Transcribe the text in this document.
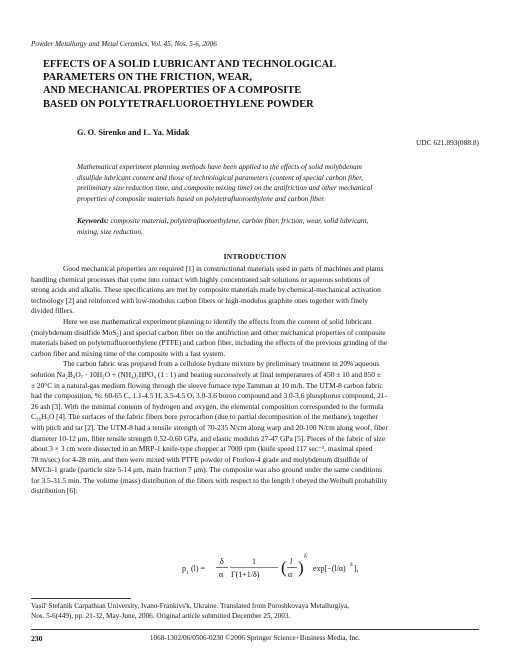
Powder Metallurgy and Metal Ceramics, Vol. 45, Nos. 5-6, 2006
EFFECTS OF A SOLID LUBRICANT AND TECHNOLOGICAL
PARAMETERS ON THE FRICTION, WEAR,
AND MECHANICAL PROPERTIES OF A COMPOSITE
BASED ON POLYTETRAFLUOROETHYLENE POWDER
G. O. Sirenko and L. Ya. Midak
UDC 621.893(088.8)
Mathematical experiment planning methods have been applied to the effects of solid molybdenum
disulfide lubricant content and those of technological parameters (content of special carbon fiber,
preliminary size reduction time, and composite mixing time) on the antifriction and other mechanical
properties of composite materials based on polytetrafluoroethylene and carbon fiber.
Keywords: composite material, polytetrafluoroethylene, carbon fiber, friction, wear, solid lubricant,
mixing, size reduction.
INTRODUCTION
Good mechanical properties are required [1] in constructional materials used in parts of machines and plants
handling chemical processes that come into contact with highly concentrated salt solutions or aqueous solutions of
strong acids and alkalis. These specifications are met by composite materials made by chemical-mechanical activation
technology [2] and reinforced with low-modulus carbon fibers or high-modulus graphite ones together with finely
divided fillers.
Here we use mathematical experiment planning to identify the effects from the content of solid lubricant
(molybdenum disulfide MoS₂) and special carbon fiber on the antifriction and other mechanical properties of composite
materials based on polytetrafluoroethylene (PTFE) and carbon fiber, including the effects of the previous grinding of the
carbon fiber and mixing time of the composite with a fast system.
The carbon fabric was prepared from a cellulose hydrate mixture by preliminary treatment in 20% aqueous
solution Na₂B₄O₇ · 10H₂O + (NH₄)₂HPO₄ (1 : 1) and heating successively at final temperatures of 450 ± 10 and 850 ±
± 20°C in a natural-gas medium flowing through the sleeve furnace type Tamman at 10 m/h. The UTM-8 carbon fabric
had the composition, %: 60-65 C, 1.1-4.5 H, 3.5-4.5 O, 3.0-3.6 boron compound and 3.0-3.6 phosphorus compound, 21-
26 ash [3]. With the minimal contents of hydrogen and oxygen, the elemental composition corresponded to the formula
C₃₆H₃O [4]. The surfaces of the fabric fibers bore pyrocarbon (due to partial decomposition of the methane), together
with pitch and tar [2]. The UTM-8 had a tensile strength of 70-235 N/cm along warp and 20-100 N/cm along woof, fiber
diameter 10-12 μm, fiber tensile strength 0.52-0.60 GPa, and elastic modulus 27-47 GPa [5]. Pieces of the fabric of size
about 3 × 3 cm were dissected in an MRP-1 knife-type chopper at 7000 rpm (knife speed 117 sec⁻¹, maximal speed
78 m/sec) for 4-28 min, and then were mixed with PTFE powder of Ftorlon-4 grade and molybdenum disulfide of
MVCh-1 grade (particle size 5-14 μm, main fraction 7 μm). The composite was also ground under the same conditions
for 3.5-31.5 min. The volume (mass) distribution of the fibers with respect to the length l obeyed the Weibull probability
distribution [6]:
p l (l) =
δ
α
1
Γ(1+1/δ) ( l
α )
δ
exp[−(l/α) δ ],
Vasil' Stefanik Carpathian University, Ivano-Frankivs'k, Ukraine. Translated from Poroshkovaya Metallurgiya,
Nos. 5-6(449), pp. 21-32, May-June, 2006. Original article submitted December 25, 2003.
230	1068-1302/06/0506-0230 ©2006 Springer Science+Business Media, Inc.
